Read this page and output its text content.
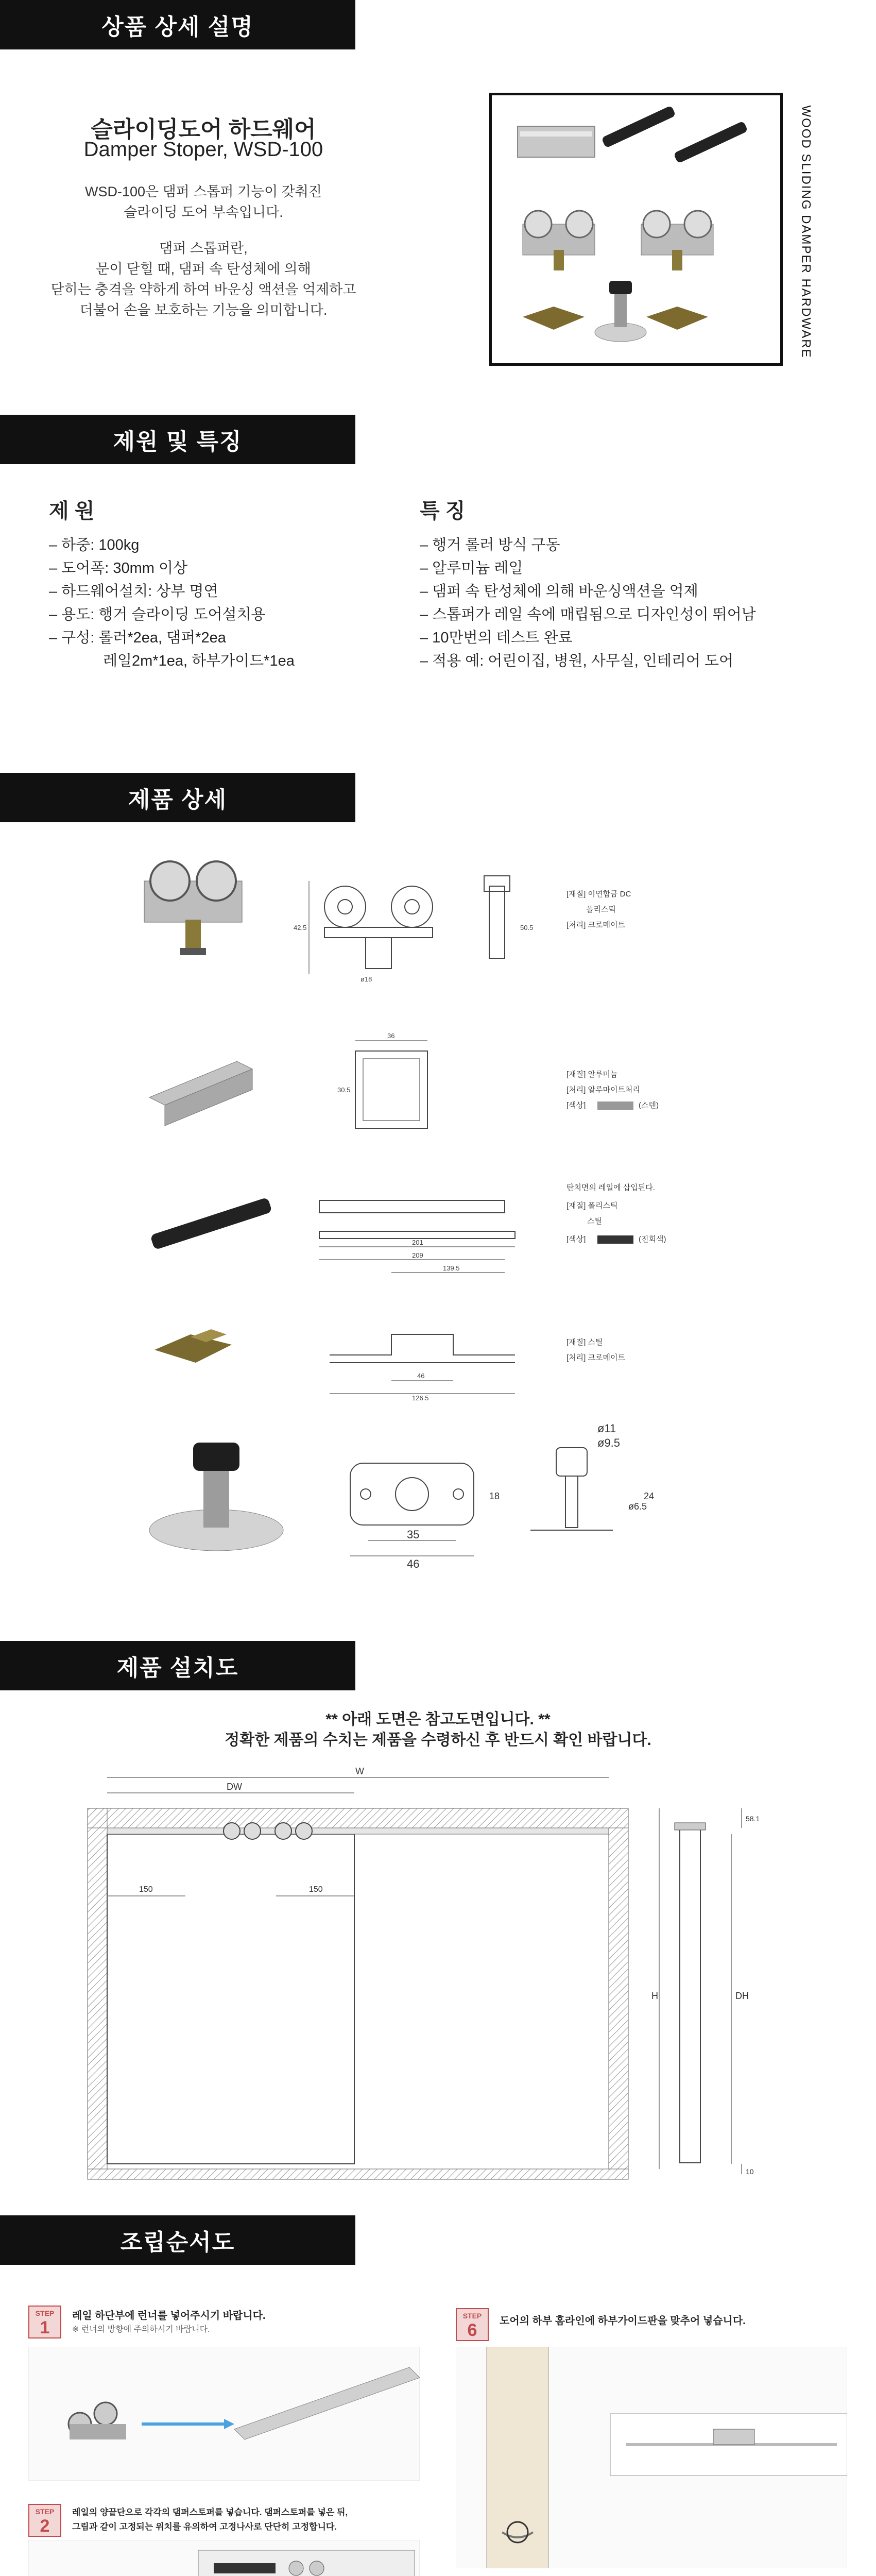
상품 상세 설명
슬라이딩도어 하드웨어
Damper Stoper, WSD-100
WSD-100은 댐퍼 스톱퍼 기능이 갖춰진
슬라이딩 도어 부속입니다.
댐퍼 스톱퍼란,
문이 닫힐 때, 댐퍼 속 탄성체에 의해
닫히는 충격을 약하게 하여 바운싱 액션을 억제하고
더불어 손을 보호하는 기능을 의미합니다.	WOOD SLIDING DAMPER HARDWARE
제원 및 특징
제 원
– 하중: 100kg
– 도어폭: 30mm 이상
– 하드웨어설치: 상부 명연
– 용도: 행거 슬라이딩 도어설치용
– 구성: 롤러*2ea, 댐퍼*2ea
레일2m*1ea, 하부가이드*1ea
특 징
– 행거 롤러 방식 구동
– 알루미늄 레일
– 댐퍼 속 탄성체에 의해 바운싱액션을 억제
– 스톱퍼가 레일 속에 매립됨으로 디자인성이 뛰어남
– 10만번의 테스트 완료
– 적용 예: 어린이집, 병원, 사무실, 인테리어 도어
제품 상세
42.5
ø18
50.5
[재질] 이연합금 DC
폴리스틱
[처리] 크로메이트
36
30.5
[재질] 알루미늄
[처리] 알루마이트처리
[색상]	(스텐)
201
209
139.5
탄치면의 레일에 삽입된다.
[재질] 폴리스틱
스틸
[색상]	(진회색)
46
126.5
[재질] 스틸
[처리] 크로메이트
35
46
18
ø11
ø9.5
ø6.5
24
제품 설치도
** 아래 도면은 참고도면입니다. **
정확한 제품의 수치는 제품을 수령하신 후 반드시 확인 바랍니다.
W
DW
150	150
H	DH
58.1
10
조립순서도
STEP
1
레일 하단부에 런너를 넣어주시기 바랍니다.
※ 런너의 방향에 주의하시기 바랍니다.
STEP
2
레일의 양끝단으로 각각의 댐퍼스토퍼를 넣습니다. 댐퍼스토퍼를 넣은 뒤,
그림과 같이 고정되는 위치를 유의하여 고정나사로 단단히 고정합니다.
STEP
6	도어의 하부 홈라인에 하부가이드판을 맞추어 넣습니다.
